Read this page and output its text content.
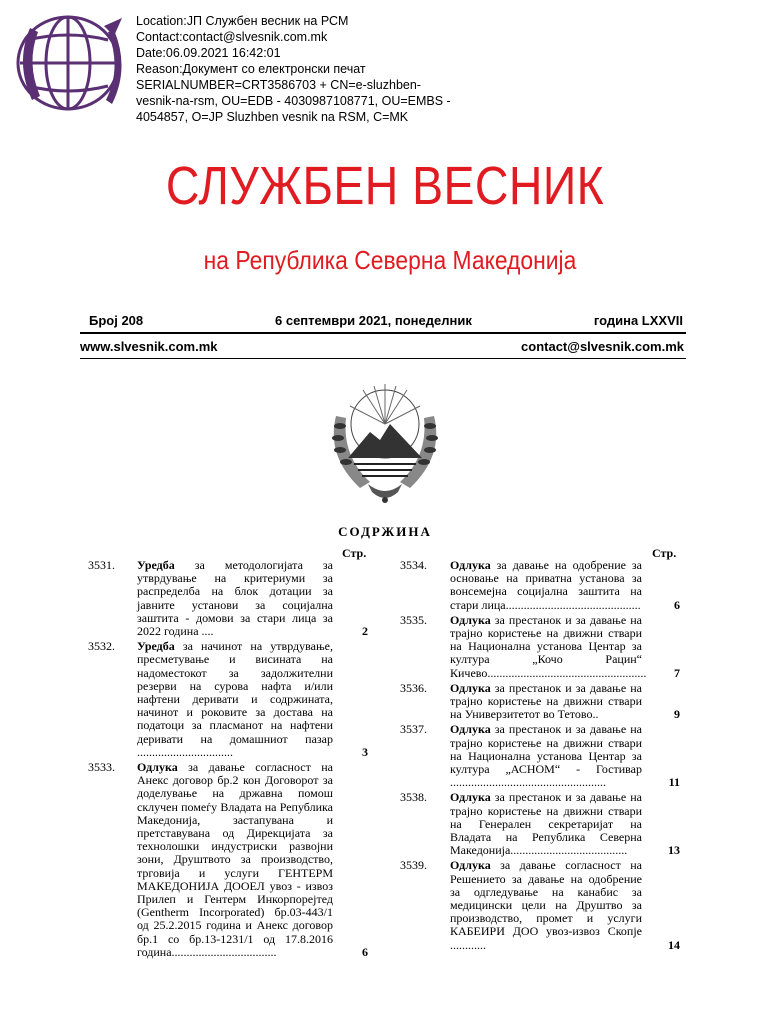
Location:ЈП Службен весник на РСМ
Contact:contact@slvesnik.com.mk
Date:06.09.2021 16:42:01
Reason:Документ со електронски печат
SERIALNUMBER=CRT3586703 + CN=e-sluzhben-vesnik-na-rsm, OU=EDB - 4030987108771, OU=EMBS - 4054857, O=JP Sluzhben vesnik na RSM, C=MK
СЛУЖБЕН ВЕСНИК
на Република Северна Македонија
Број 208	6 септември 2021, понеделник	година LXXVII
www.slvesnik.com.mk	contact@slvesnik.com.mk
СОДРЖИНА
Стр.	Стр.
3531. Уредба за методологијата за утврдување на критериуми за распределба на блок дотации за јавните установи за социјална заштита - домови за стари лица за 2022 година ....	2
3532. Уредба за начинот на утврдување, пресметување и висината на надоместокот за задолжителни резерви на сурова нафта и/или нафтени деривати и содржината, начинот и роковите за достава на податоци за пласманот на нафтени деривати на домашниот пазар ................................	3
3533. Одлука за давање согласност на Анекс договор бр.2 кон Договорот за доделување на државна помош склучен помеѓу Владата на Република Македонија, застапувана и претставувана од Дирекцијата за технолошки индустриски развојни зони, Друштвото за производство, трговија и услуги ГЕНТЕРМ МАКЕДОНИЈА ДООЕЛ увоз - извоз Прилеп и Гентерм Инкорпорејтед (Gentherm Incorporated) бр.03-443/1 од 25.2.2015 година и Анекс договор бр.1 со бр.13-1231/1 од 17.8.2016 година...................................	6
3534. Одлука за давање на одобрение за основање на приватна установа за вонсемејна социјална заштита на стари лица.............................................	6
3535. Одлука за престанок и за давање на трајно користење на движни ствари на Национална установа Центар за култура „Кочо Рацин“ Кичево..................................................... 7
3536. Одлука за престанок и за давање на трајно користење на движни ствари на Универзитетот во Тетово..	9
3537. Одлука за престанок и за давање на трајно користење на движни ствари на Национална установа Центар за култура „АСНОМ“ - Гостивар ....................................................	11
3538. Одлука за престанок и за давање на трајно користење на движни ствари на Генерален секретаријат на Владата на Република Северна Македонија.......................................	13
3539. Одлука за давање согласност на Решението за давање на одобрение за одгледување на канабис за медицински цели на Друштво за производство, промет и услуги КАБЕИРИ ДОО увоз-извоз Скопје ............	14
